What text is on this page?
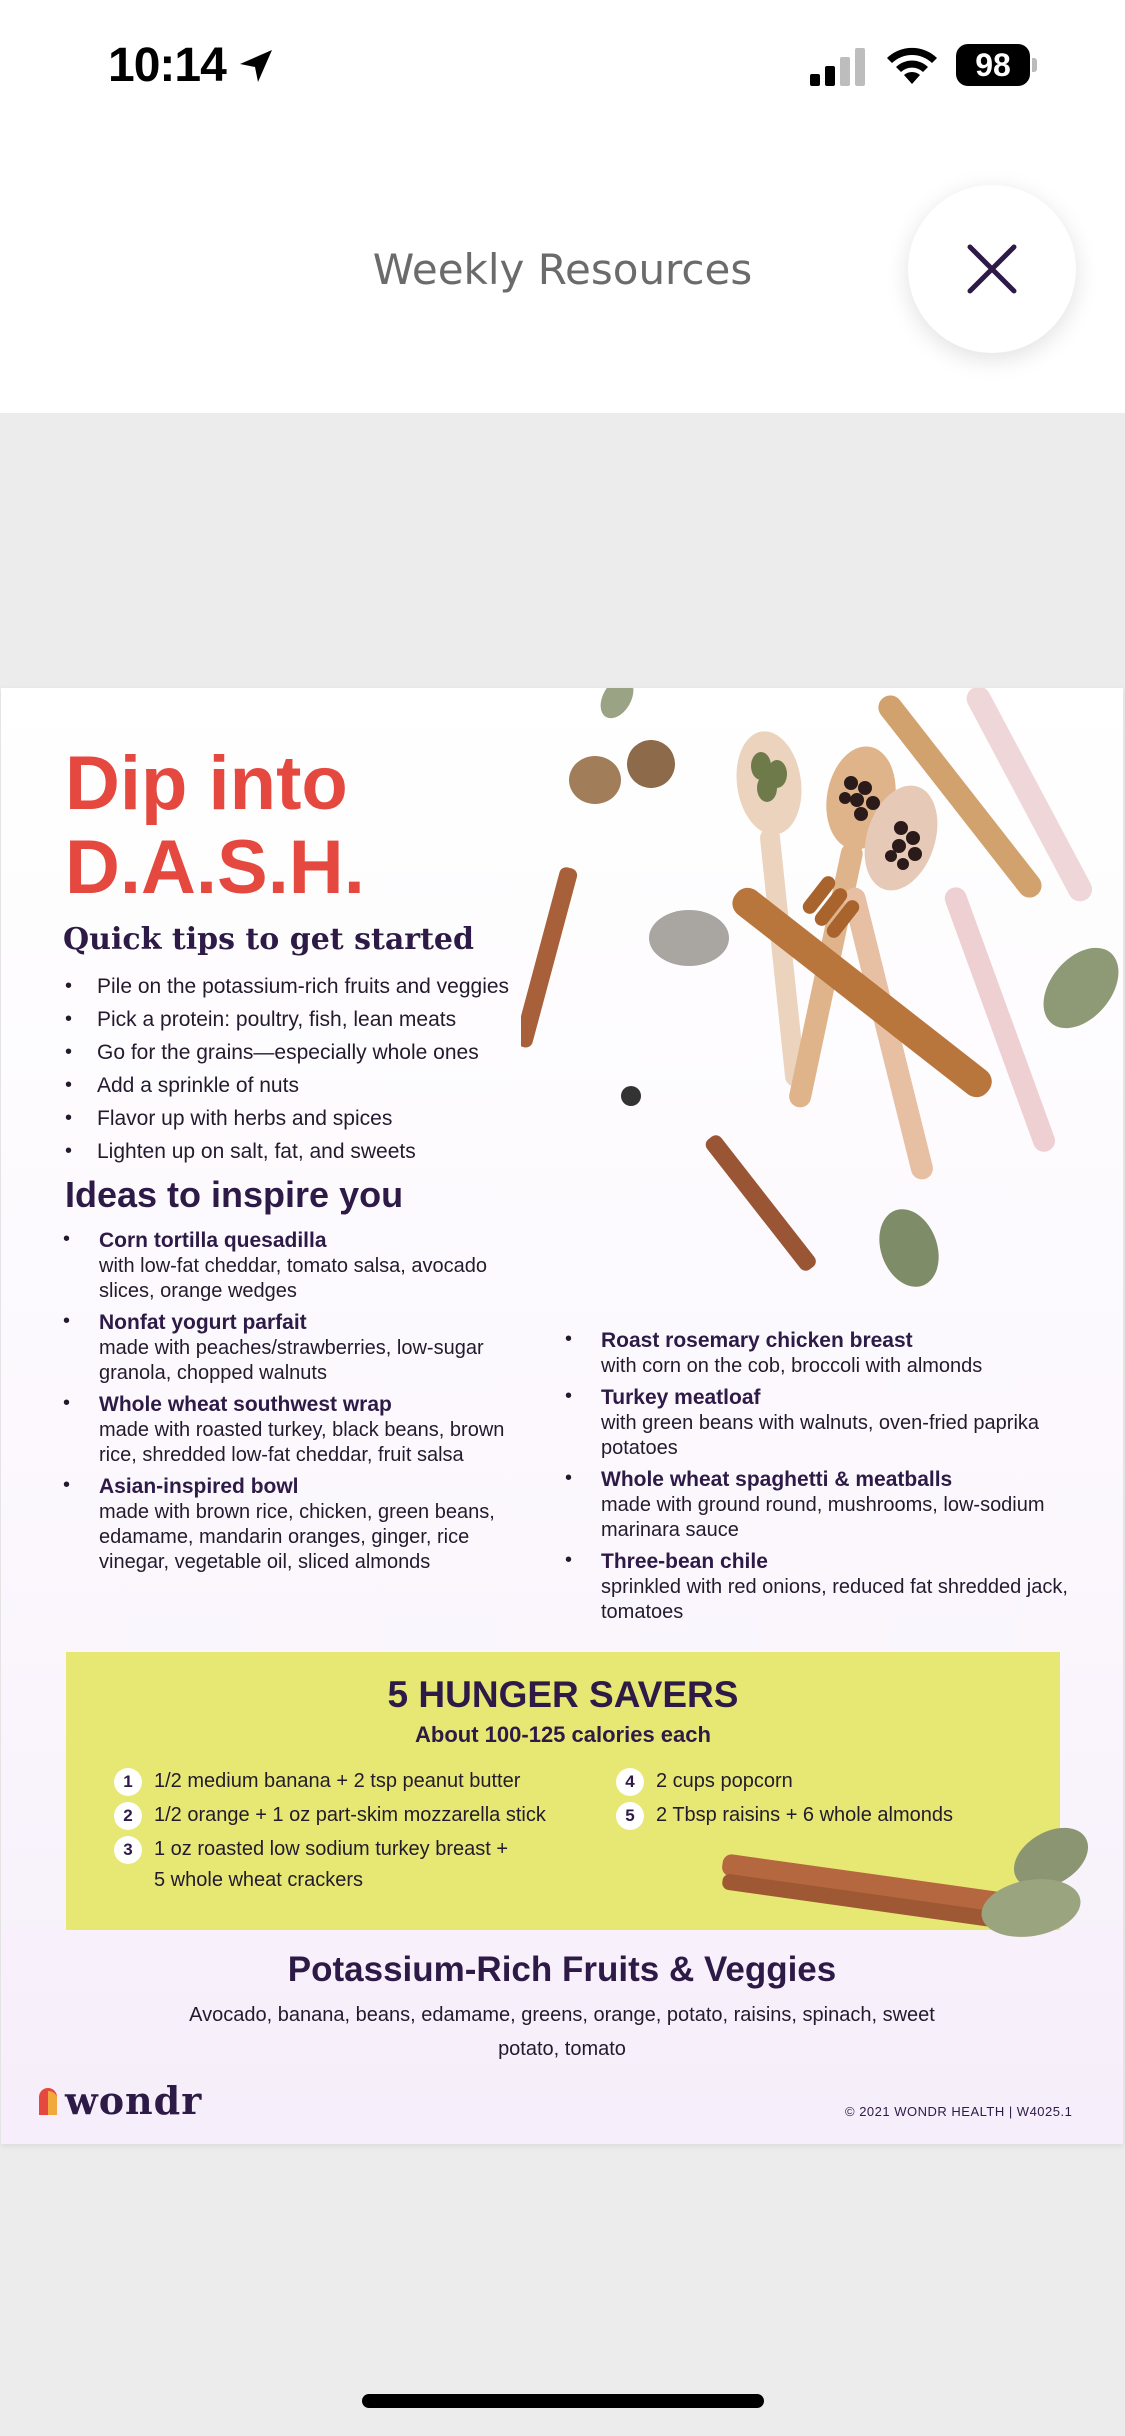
10:14	98
Weekly Resources
Dip into
D.A.S.H.
Quick tips to get started
• Pile on the potassium-rich fruits and veggies
• Pick a protein: poultry, fish, lean meats
• Go for the grains—especially whole ones
• Add a sprinkle of nuts
• Flavor up with herbs and spices
• Lighten up on salt, fat, and sweets
Ideas to inspire you
• Corn tortilla quesadilla
with low-fat cheddar, tomato salsa, avocado slices, orange wedges
• Nonfat yogurt parfait
made with peaches/strawberries, low-sugar granola, chopped walnuts
• Whole wheat southwest wrap
made with roasted turkey, black beans, brown rice, shredded low-fat cheddar, fruit salsa
• Asian-inspired bowl
made with brown rice, chicken, green beans, edamame, mandarin oranges, ginger, rice vinegar, vegetable oil, sliced almonds
• Roast rosemary chicken breast
with corn on the cob, broccoli with almonds
• Turkey meatloaf
with green beans with walnuts, oven-fried paprika potatoes
• Whole wheat spaghetti & meatballs
made with ground round, mushrooms, low-sodium marinara sauce
• Three-bean chile
sprinkled with red onions, reduced fat shredded jack, tomatoes
5 HUNGER SAVERS
About 100-125 calories each
1 1/2 medium banana + 2 tsp peanut butter
2 1/2 orange + 1 oz part-skim mozzarella stick
3 1 oz roasted low sodium turkey breast +
5 whole wheat crackers
4 2 cups popcorn
5 2 Tbsp raisins + 6 whole almonds
Potassium-Rich Fruits & Veggies
Avocado, banana, beans, edamame, greens, orange, potato, raisins, spinach, sweet potato, tomato
wondr	© 2021 WONDR HEALTH | W4025.1
